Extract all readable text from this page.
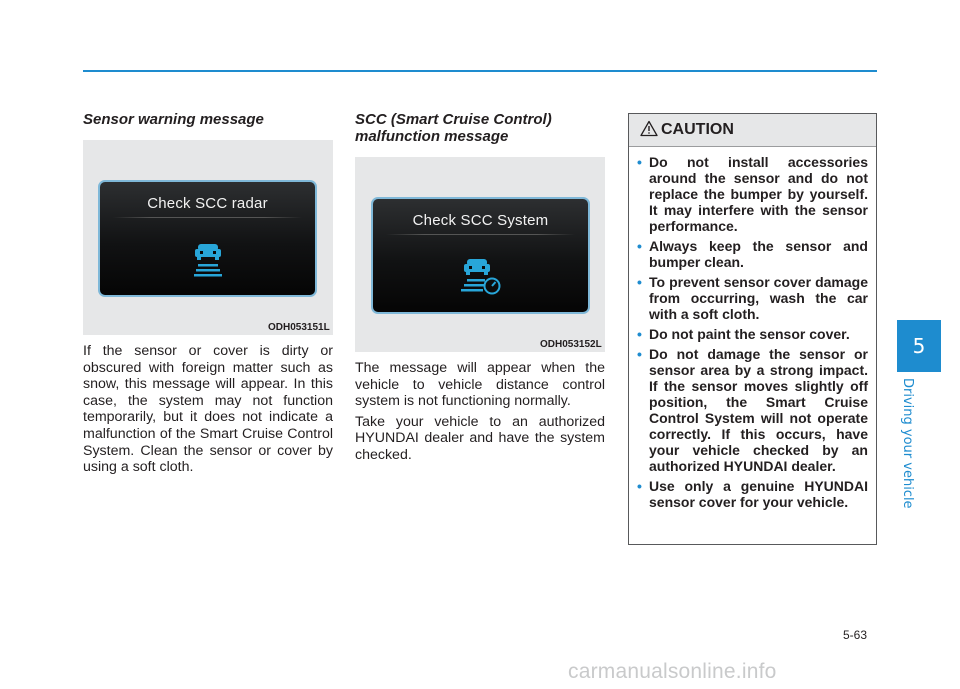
Sensor warning message
Check SCC radar
ODH053151L
If the sensor or cover is dirty or obscured with foreign matter such as snow, this message will appear. In this case, the system may not function temporarily, but it does not indicate a malfunction of the Smart Cruise Control System. Clean the sensor or cover by using a soft cloth.
SCC (Smart Cruise Control) malfunction message
Check SCC System
ODH053152L

The message will appear when the vehicle to vehicle distance control system is not functioning normally.

Take your vehicle to an authorized HYUNDAI dealer and have the system checked.

CAUTION
• Do not install accessories around the sensor and do not replace the bumper by yourself. It may interfere with the sensor performance.
• Always keep the sensor and bumper clean.
• To prevent sensor cover damage from occurring, wash the car with a soft cloth.
• Do not paint the sensor cover.
• Do not damage the sensor or sensor area by a strong impact. If the sensor moves slightly off position, the Smart Cruise Control System will not operate correctly. If this occurs, have your vehicle checked by an authorized HYUNDAI dealer.
• Use only a genuine HYUNDAI sensor cover for your vehicle.
5
Driving your vehicle
5-63
carmanualsonline.info
